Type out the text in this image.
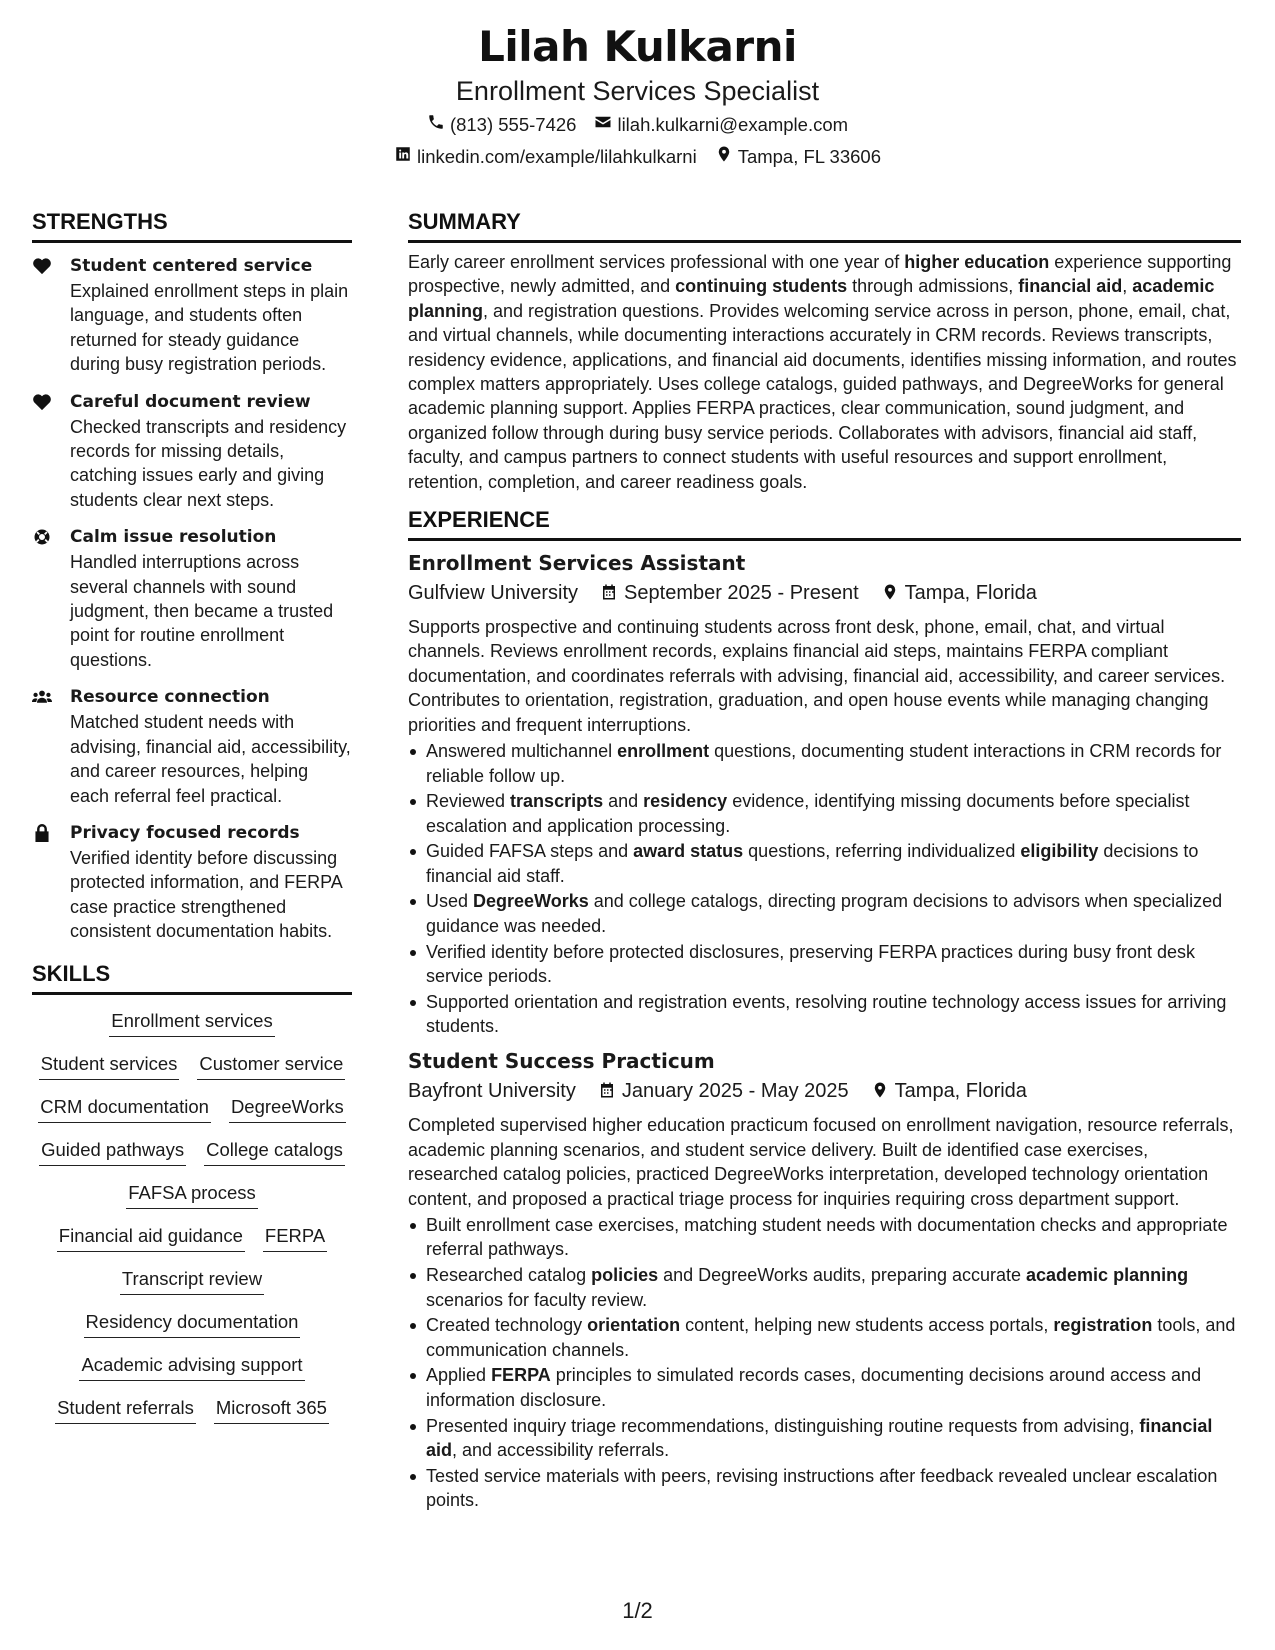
Lilah Kulkarni
Enrollment Services Specialist
(813) 555-7426 lilah.kulkarni@example.com
linkedin.com/example/lilahkulkarni Tampa, FL 33606
STRENGTHS
Student centered service
Explained enrollment steps in plain language, and students often returned for steady guidance during busy registration periods.
Careful document review
Checked transcripts and residency records for missing details, catching issues early and giving students clear next steps.
Calm issue resolution
Handled interruptions across several channels with sound judgment, then became a trusted point for routine enrollment questions.
Resource connection
Matched student needs with advising, financial aid, accessibility, and career resources, helping each referral feel practical.
Privacy focused records
Verified identity before discussing protected information, and FERPA case practice strengthened consistent documentation habits.
SKILLS
Enrollment services
Student services Customer service
CRM documentation DegreeWorks
Guided pathways College catalogs
FAFSA process
Financial aid guidance FERPA
Transcript review
Residency documentation
Academic advising support
Student referrals Microsoft 365
SUMMARY
Early career enrollment services professional with one year of higher education experience supporting prospective, newly admitted, and continuing students through admissions, financial aid, academic planning, and registration questions. Provides welcoming service across in person, phone, email, chat, and virtual channels, while documenting interactions accurately in CRM records. Reviews transcripts, residency evidence, applications, and financial aid documents, identifies missing information, and routes complex matters appropriately. Uses college catalogs, guided pathways, and DegreeWorks for general academic planning support. Applies FERPA practices, clear communication, sound judgment, and organized follow through during busy service periods. Collaborates with advisors, financial aid staff, faculty, and campus partners to connect students with useful resources and support enrollment, retention, completion, and career readiness goals.
EXPERIENCE
Enrollment Services Assistant
Gulfview University September 2025 - Present Tampa, Florida
Supports prospective and continuing students across front desk, phone, email, chat, and virtual channels. Reviews enrollment records, explains financial aid steps, maintains FERPA compliant documentation, and coordinates referrals with advising, financial aid, accessibility, and career services. Contributes to orientation, registration, graduation, and open house events while managing changing priorities and frequent interruptions.
Answered multichannel enrollment questions, documenting student interactions in CRM records for reliable follow up.
Reviewed transcripts and residency evidence, identifying missing documents before specialist escalation and application processing.
Guided FAFSA steps and award status questions, referring individualized eligibility decisions to financial aid staff.
Used DegreeWorks and college catalogs, directing program decisions to advisors when specialized guidance was needed.
Verified identity before protected disclosures, preserving FERPA practices during busy front desk service periods.
Supported orientation and registration events, resolving routine technology access issues for arriving students.
Student Success Practicum
Bayfront University January 2025 - May 2025 Tampa, Florida
Completed supervised higher education practicum focused on enrollment navigation, resource referrals, academic planning scenarios, and student service delivery. Built de identified case exercises, researched catalog policies, practiced DegreeWorks interpretation, developed technology orientation content, and proposed a practical triage process for inquiries requiring cross department support.
Built enrollment case exercises, matching student needs with documentation checks and appropriate referral pathways.
Researched catalog policies and DegreeWorks audits, preparing accurate academic planning scenarios for faculty review.
Created technology orientation content, helping new students access portals, registration tools, and communication channels.
Applied FERPA principles to simulated records cases, documenting decisions around access and information disclosure.
Presented inquiry triage recommendations, distinguishing routine requests from advising, financial aid, and accessibility referrals.
Tested service materials with peers, revising instructions after feedback revealed unclear escalation points.
1/2
